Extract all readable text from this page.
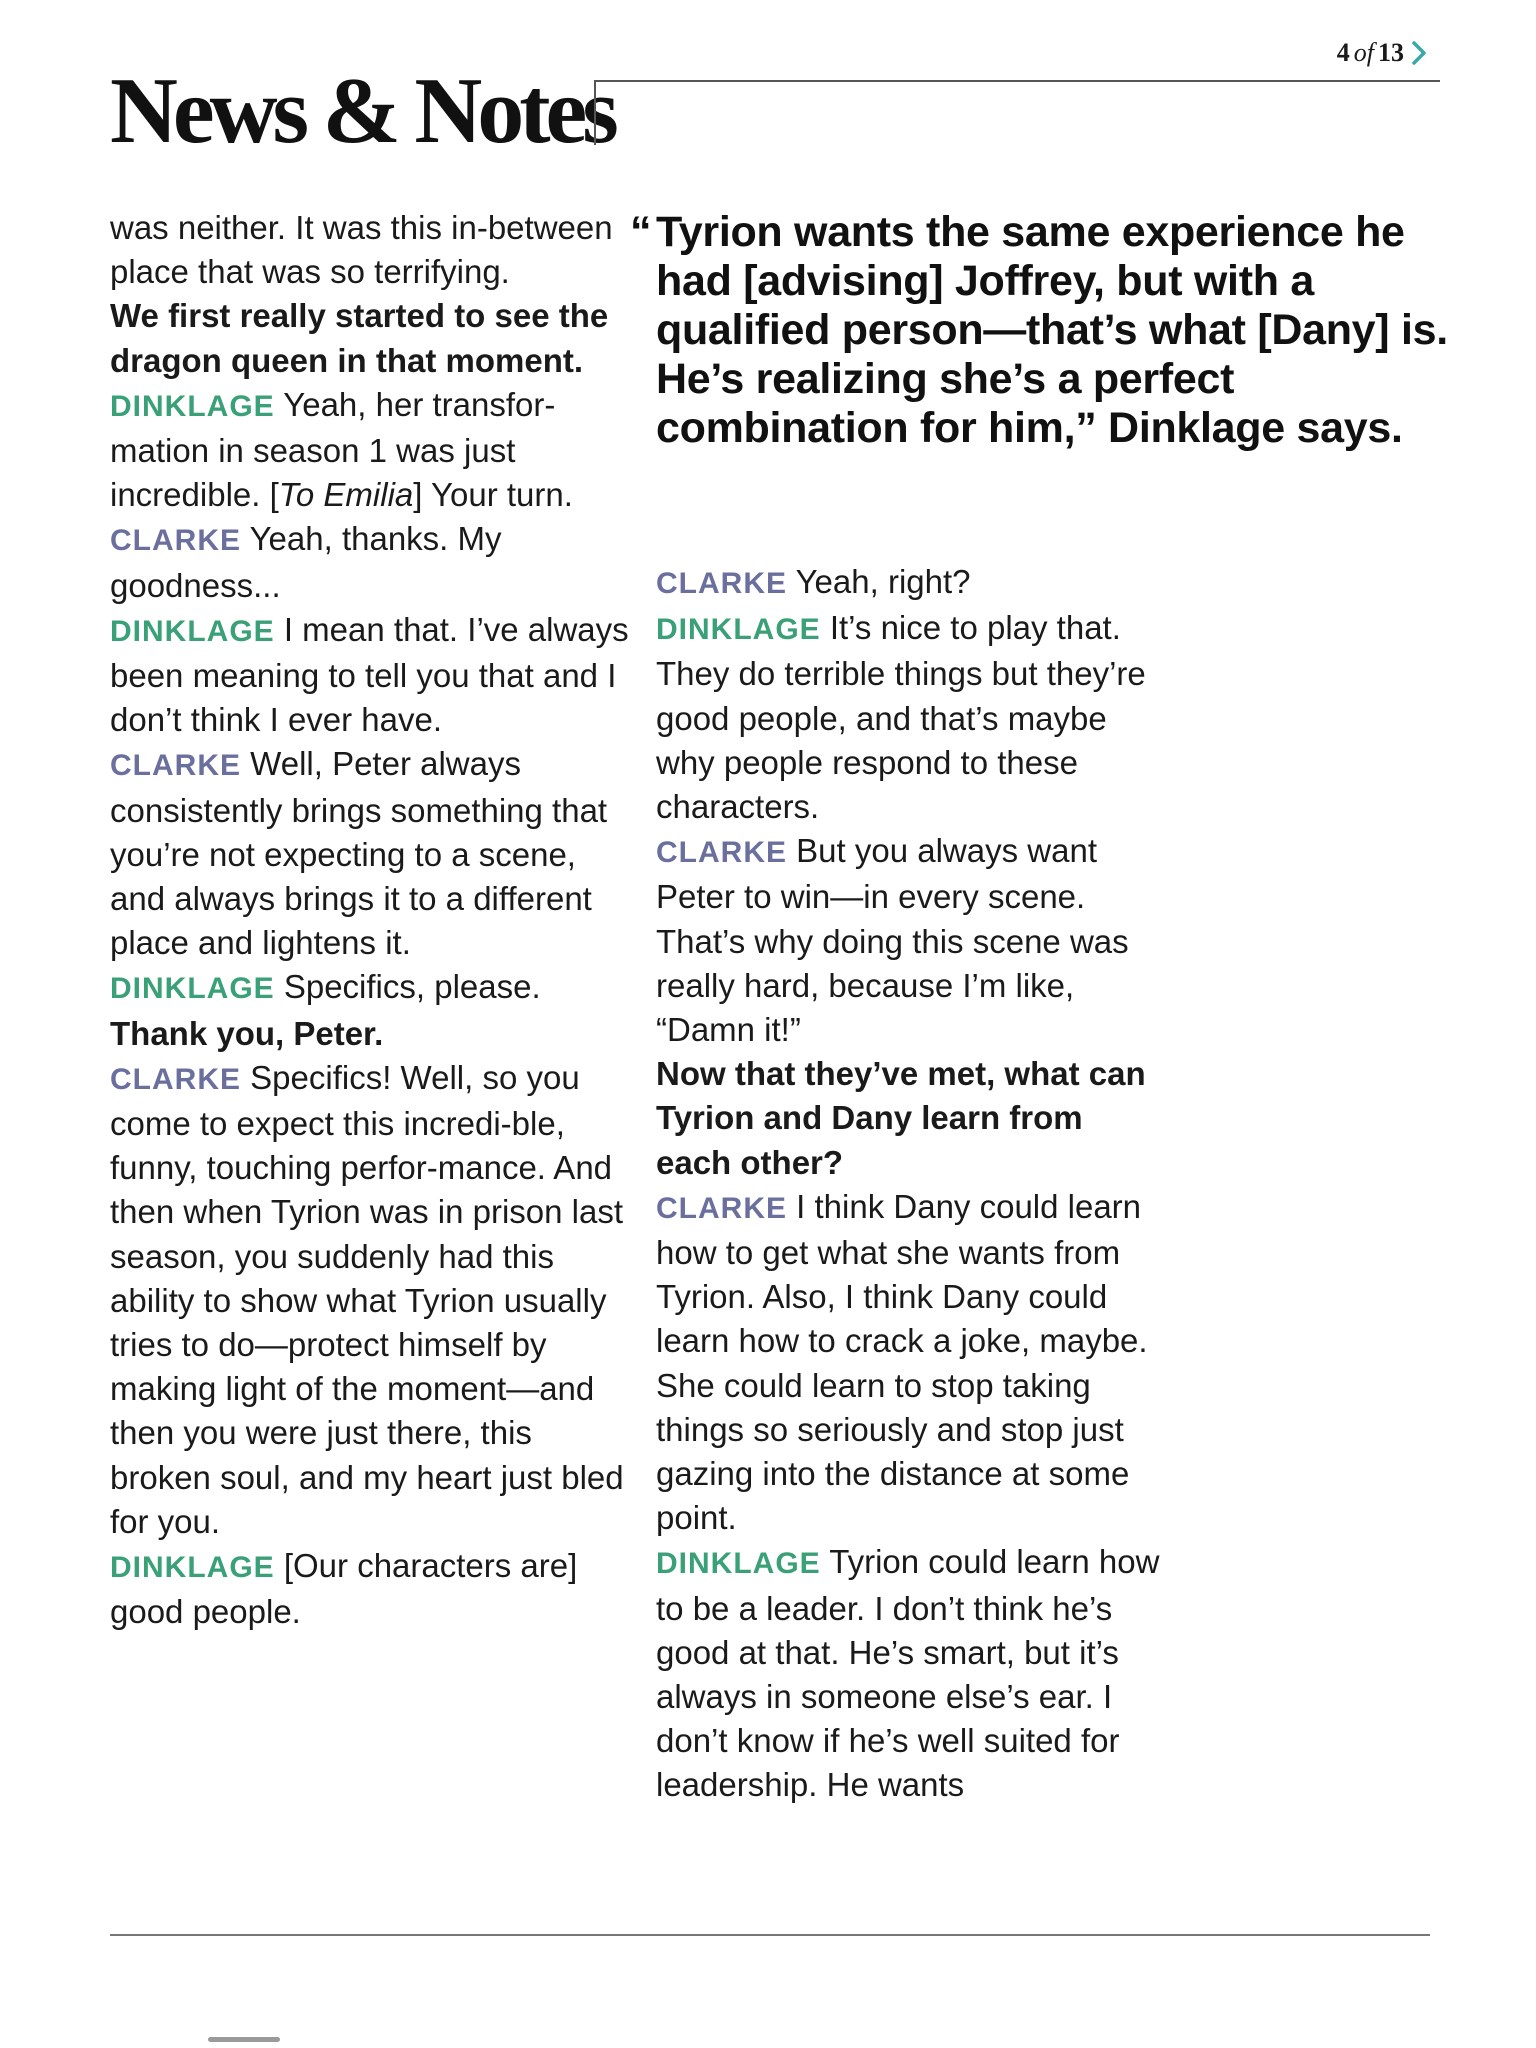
4 of 13
News & Notes

was neither. It was this in-between place that was so terrifying.

We first really started to see the dragon queen in that moment.

DINKLAGE Yeah, her transfor-mation in season 1 was just incredible. [To Emilia] Your turn.

CLARKE Yeah, thanks. My goodness...

DINKLAGE I mean that. I’ve always been meaning to tell you that and I don’t think I ever have.

CLARKE Well, Peter always consistently brings something that you’re not expecting to a scene, and always brings it to a different place and lightens it.

DINKLAGE Specifics, please.

Thank you, Peter.

CLARKE Specifics! Well, so you come to expect this incredi-ble, funny, touching perfor-mance. And then when Tyrion was in prison last season, you suddenly had this ability to show what Tyrion usually tries to do—protect himself by making light of the moment—and then you were just there, this broken soul, and my heart just bled for you.

DINKLAGE [Our characters are] good people.

“ Tyrion wants the same experience he had [advising] Joffrey, but with a qualified person—that’s what [Dany] is. He’s realizing she’s a perfect combination for him,” Dinklage says.

CLARKE Yeah, right?

DINKLAGE It’s nice to play that. They do terrible things but they’re good people, and that’s maybe why people respond to these characters.

CLARKE But you always want Peter to win—in every scene. That’s why doing this scene was really hard, because I’m like, “Damn it!”

Now that they’ve met, what can Tyrion and Dany learn from each other?

CLARKE I think Dany could learn how to get what she wants from Tyrion. Also, I think Dany could learn how to crack a joke, maybe. She could learn to stop taking things so seriously and stop just gazing into the distance at some point.

DINKLAGE Tyrion could learn how to be a leader. I don’t think he’s good at that. He’s smart, but it’s always in someone else’s ear. I don’t know if he’s well suited for leadership. He wants
